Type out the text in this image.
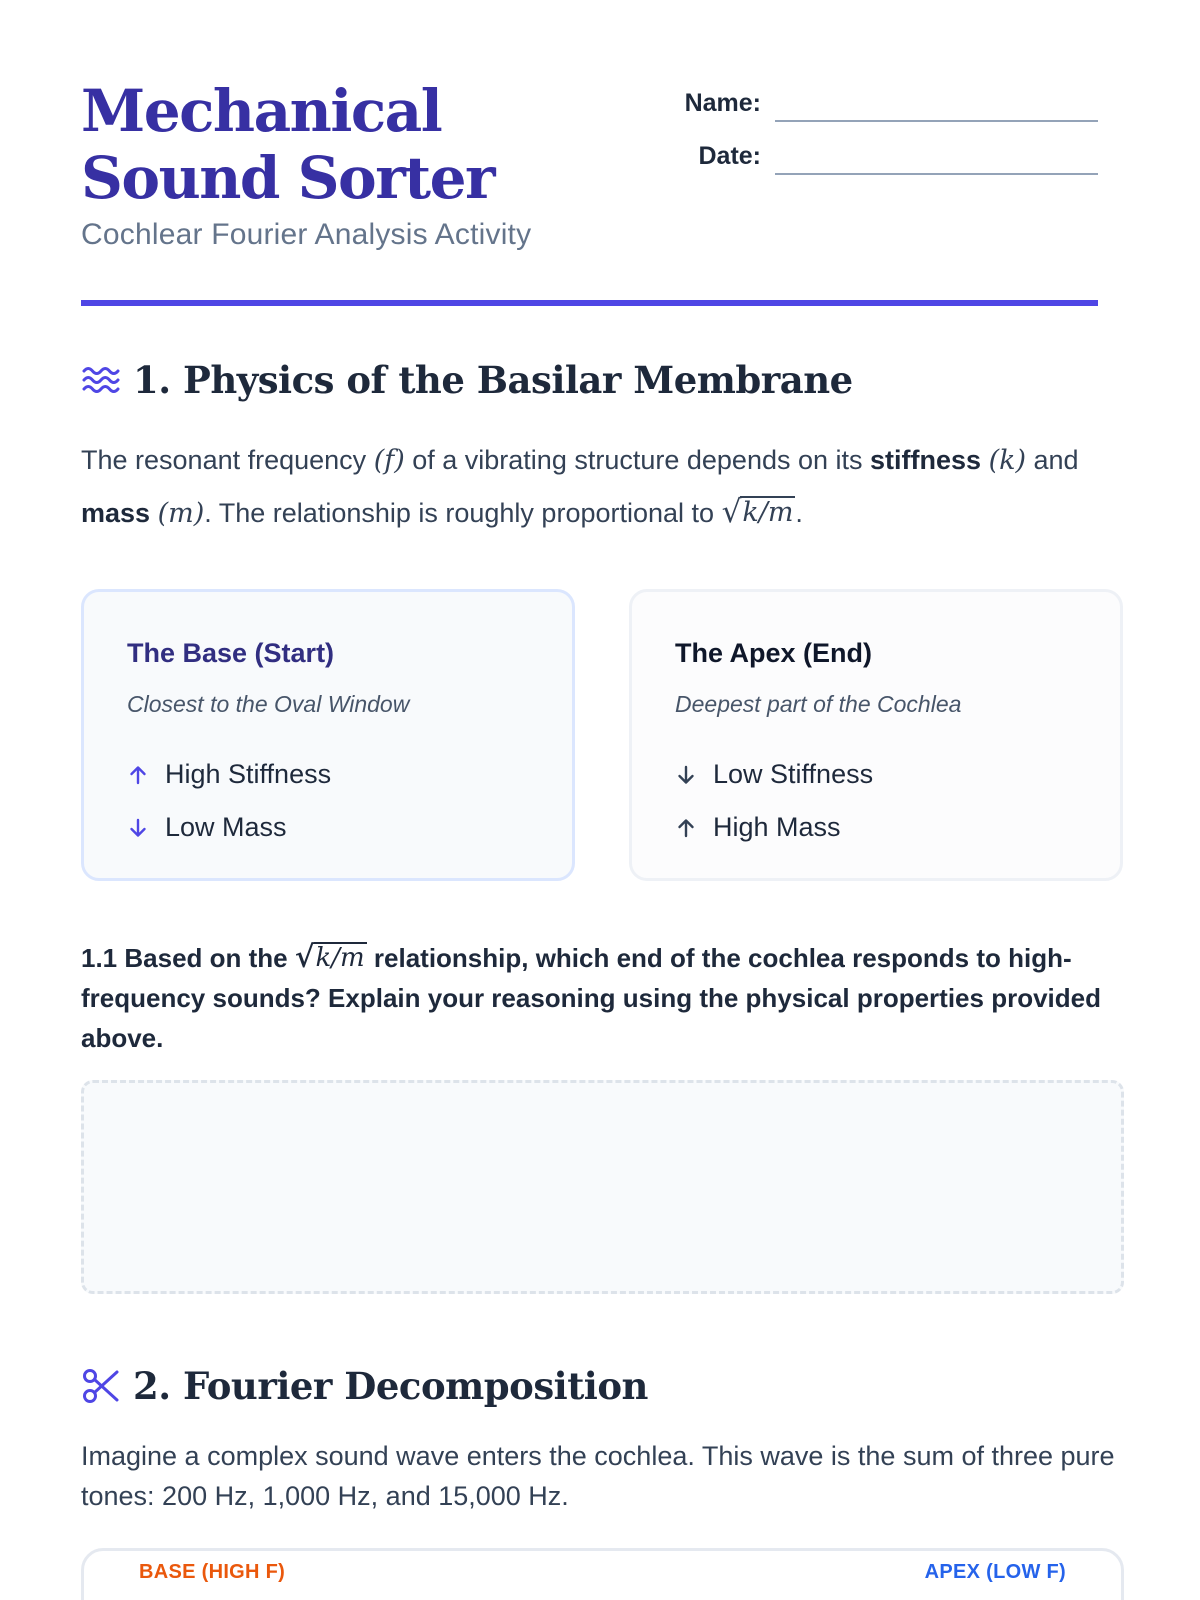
Mechanical Sound Sorter
Cochlear Fourier Analysis Activity
Name:
Date:
1. Physics of the Basilar Membrane

The resonant frequency (f) of a vibrating structure depends on its stiffness (k) and mass (m). The relationship is roughly proportional to √ k/m .

The Base (Start)
Closest to the Oval Window
High Stiffness
Low Mass
The Apex (End)
Deepest part of the Cochlea
Low Stiffness
High Mass

1.1 Based on the √ k/m relationship, which end of the cochlea responds to high-frequency sounds? Explain your reasoning using the physical properties provided above.

2. Fourier Decomposition

Imagine a complex sound wave enters the cochlea. This wave is the sum of three pure tones: 200 Hz, 1,000 Hz, and 15,000 Hz.

BASE (HIGH F)	APEX (LOW F)
